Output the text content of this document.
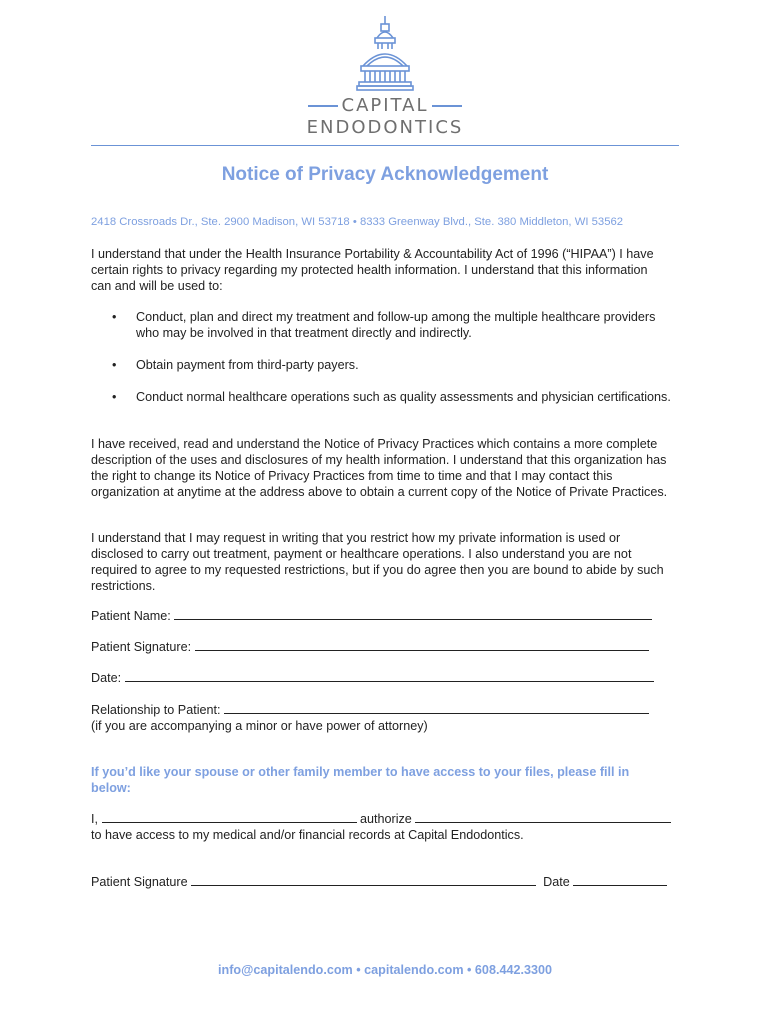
CAPITAL
ENDODONTICS
Notice of Privacy Acknowledgement
2418 Crossroads Dr., Ste. 2900 Madison, WI 53718 • 8333 Greenway Blvd., Ste. 380 Middleton, WI 53562

I understand that under the Health Insurance Portability & Accountability Act of 1996 (“HIPAA”) I have certain rights to privacy regarding my protected health information. I understand that this information can and will be used to:

• Conduct, plan and direct my treatment and follow-up among the multiple healthcare providers who may be involved in that treatment directly and indirectly.
• Obtain payment from third-party payers.
• Conduct normal healthcare operations such as quality assessments and physician certifications.

I have received, read and understand the Notice of Privacy Practices which contains a more complete description of the uses and disclosures of my health information. I understand that this organization has the right to change its Notice of Privacy Practices from time to time and that I may contact this organization at anytime at the address above to obtain a current copy of the Notice of Private Practices.

I understand that I may request in writing that you restrict how my private information is used or disclosed to carry out treatment, payment or healthcare operations. I also understand you are not required to agree to my requested restrictions, but if you do agree then you are bound to abide by such restrictions.

Patient Name:
Patient Signature:
Date:
Relationship to Patient:
(if you are accompanying a minor or have power of attorney)
If you’d like your spouse or other family member to have access to your files, please fill in below:
I,	authorize
to have access to my medical and/or financial records at Capital Endodontics.
Patient Signature	Date
info@capitalendo.com • capitalendo.com • 608.442.3300
